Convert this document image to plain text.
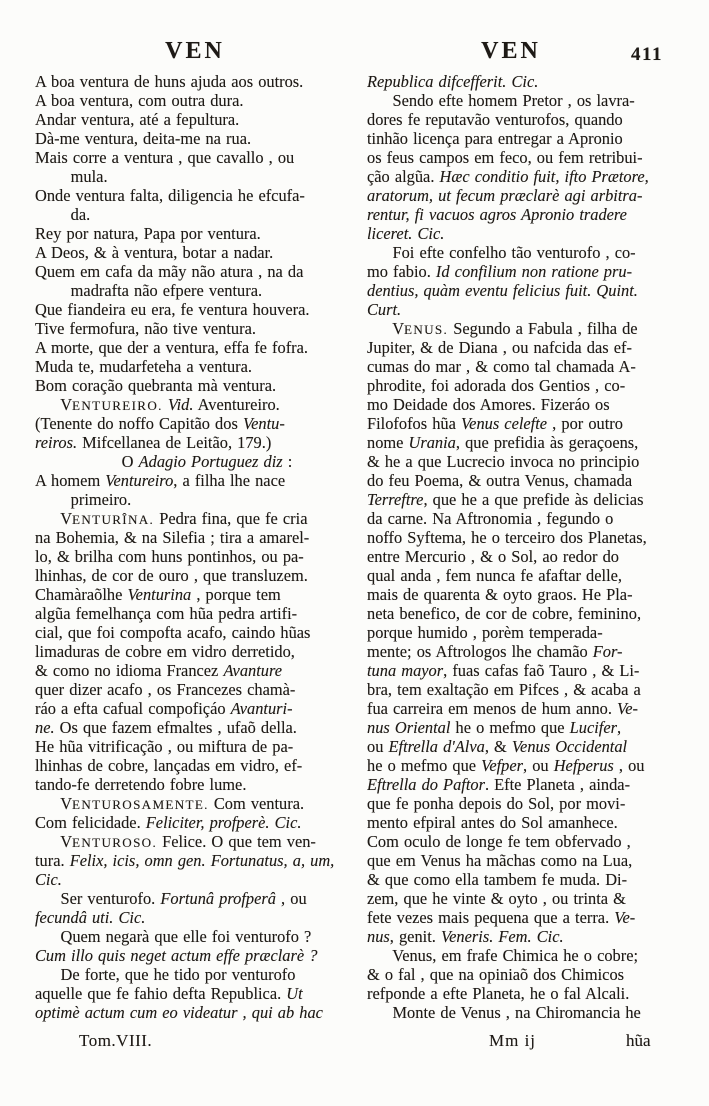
VEN	VEN	411
A boa ventura de huns ajuda aos outros.
A boa ventura, com outra dura.
Andar ventura, até a fepultura.
Dà-me ventura, deita-me na rua.
Mais corre a ventura , que cavallo , ou
mula.
Onde ventura falta, diligencia he efcufa-
da.
Rey por natura, Papa por ventura.
A Deos, & à ventura, botar a nadar.
Quem em cafa da mãy não atura , na da
madrafta não efpere ventura.
Que fiandeira eu era, fe ventura houvera.
Tive fermofura, não tive ventura.
A morte, que der a ventura, effa fe fofra.
Muda te, mudarfeteha a ventura.
Bom coração quebranta mà ventura.
VENTUREIRO. Vid. Aventureiro.
(Tenente do noffo Capitão dos Ventu-
reiros. Mifcellanea de Leitão, 179.)
O Adagio Portuguez diz :
A homem Ventureiro, a filha lhe nace
primeiro.
VENTURÎNA. Pedra fina, que fe cria
na Bohemia, & na Silefia ; tira a amarel-
lo, & brilha com huns pontinhos, ou pa-
lhinhas, de cor de ouro , que transluzem.
Chamàraõlhe Venturina , porque tem
algũa femelhança com hũa pedra artifi-
cial, que foi compofta acafo, caindo hũas
limaduras de cobre em vidro derretido,
& como no idioma Francez Avanture
quer dizer acafo , os Francezes chamà-
ráo a efta cafual compofiçáo Avanturi-
ne. Os que fazem efmaltes , ufaõ della.
He hũa vitrificação , ou miftura de pa-
lhinhas de cobre, lançadas em vidro, ef-
tando-fe derretendo fobre lume.
VENTUROSAMENTE. Com ventura.
Com felicidade. Feliciter, profperè. Cic.
VENTUROSO. Felice. O que tem ven-
tura. Felix, icis, omn gen. Fortunatus, a, um,
Cic.
Ser venturofo. Fortunâ profperâ , ou
fecundâ uti. Cic.
Quem negarà que elle foi venturofo ?
Cum illo quis neget actum effe præclarè ?
De forte, que he tido por venturofo
aquelle que fe fahio defta Republica. Ut
optimè actum cum eo videatur , qui ab hac
Tom.VIII.
Republica difcefferit. Cic.
Sendo efte homem Pretor , os lavra-
dores fe reputavão venturofos, quando
tinhão licença para entregar a Apronio
os feus campos em feco, ou fem retribui-
ção algũa. Hæc conditio fuit, ifto Prætore,
aratorum, ut fecum præclarè agi arbitra-
rentur, fi vacuos agros Apronio tradere
liceret. Cic.
Foi efte confelho tão venturofo , co-
mo fabio. Id confilium non ratione pru-
dentius, quàm eventu felicius fuit. Quint.
Curt.
VENUS. Segundo a Fabula , filha de
Jupiter, & de Diana , ou nafcida das ef-
cumas do mar , & como tal chamada A-
phrodite, foi adorada dos Gentios , co-
mo Deidade dos Amores. Fizeráo os
Filofofos hũa Venus celefte , por outro
nome Urania, que prefidia às geraçoens,
& he a que Lucrecio invoca no principio
do feu Poema, & outra Venus, chamada
Terreftre, que he a que prefide às delicias
da carne. Na Aftronomia , fegundo o
noffo Syftema, he o terceiro dos Planetas,
entre Mercurio , & o Sol, ao redor do
qual anda , fem nunca fe afaftar delle,
mais de quarenta & oyto graos. He Pla-
neta benefico, de cor de cobre, feminino,
porque humido , porèm temperada-
mente; os Aftrologos lhe chamão For-
tuna mayor, fuas cafas faõ Tauro , & Li-
bra, tem exaltação em Pifces , & acaba a
fua carreira em menos de hum anno. Ve-
nus Oriental he o mefmo que Lucifer,
ou Eftrella d'Alva, & Venus Occidental
he o mefmo que Vefper, ou Hefperus , ou
Eftrella do Paftor. Efte Planeta , ainda-
que fe ponha depois do Sol, por movi-
mento efpiral antes do Sol amanhece.
Com oculo de longe fe tem obfervado ,
que em Venus ha mãchas como na Lua,
& que como ella tambem fe muda. Di-
zem, que he vinte & oyto , ou trinta &
fete vezes mais pequena que a terra. Ve-
nus, genit. Veneris. Fem. Cic.
Venus, em frafe Chimica he o cobre;
& o fal , que na opiniaõ dos Chimicos
refponde a efte Planeta, he o fal Alcali.
Monte de Venus , na Chiromancia he
Mm ij	hũa
